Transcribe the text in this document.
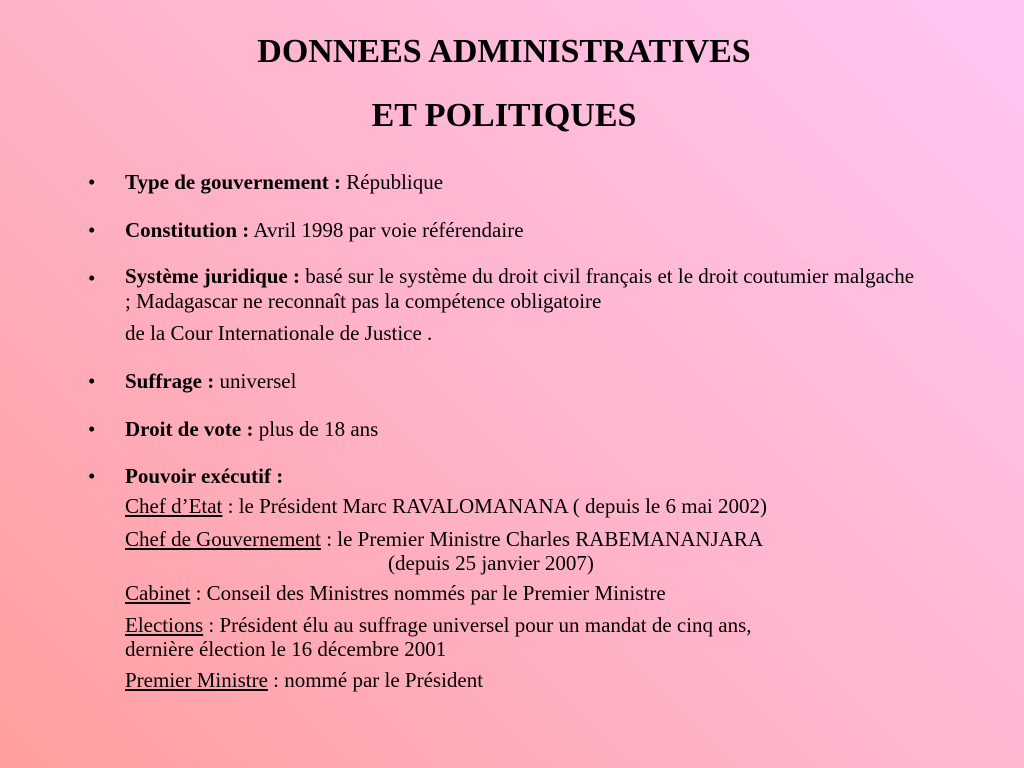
DONNEES ADMINISTRATIVES
ET POLITIQUES
• Type de gouvernement : République
• Constitution : Avril 1998 par voie référendaire
• Système juridique : basé sur le système du droit civil français et le droit coutumier malgache ; Madagascar ne reconnaît pas la compétence obligatoire
de la Cour Internationale de Justice .
• Suffrage : universel
• Droit de vote : plus de 18 ans
• Pouvoir exécutif :
Chef d’Etat : le Président Marc RAVALOMANANA ( depuis le 6 mai 2002)
Chef de Gouvernement : le Premier Ministre Charles RABEMANANJARA
(depuis 25 janvier 2007)
Cabinet : Conseil des Ministres nommés par le Premier Ministre
Elections : Président élu au suffrage universel pour un mandat de cinq ans,
dernière élection le 16 décembre 2001
Premier Ministre : nommé par le Président
